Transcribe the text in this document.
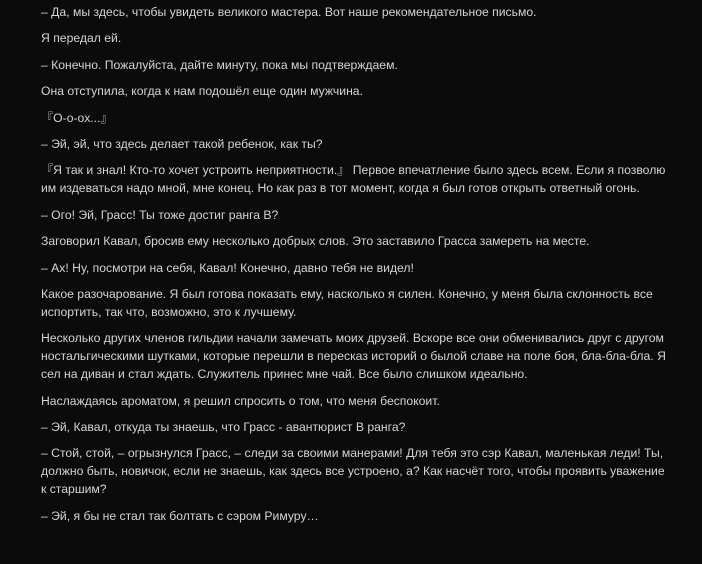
– Да, мы здесь, чтобы увидеть великого мастера. Вот наше рекомендательное письмо.

Я передал ей.

– Конечно. Пожалуйста, дайте минуту, пока мы подтверждаем.

Она отступила, когда к нам подошёл еще один мужчина.

『О-о-ох...』

– Эй, эй, что здесь делает такой ребенок, как ты?

『Я так и знал! Кто-то хочет устроить неприятности.』 Первое впечатление было здесь всем. Если я позволю им издеваться надо мной, мне конец. Но как раз в тот момент, когда я был готов открыть ответный огонь.

– Ого! Эй, Грасс! Ты тоже достиг ранга B?

Заговорил Кавал, бросив ему несколько добрых слов. Это заставило Грасса замереть на месте.

– Ах! Ну, посмотри на себя, Кавал! Конечно, давно тебя не видел!

Какое разочарование. Я был готова показать ему, насколько я силен. Конечно, у меня была склонность все испортить, так что, возможно, это к лучшему.

Несколько других членов гильдии начали замечать моих друзей. Вскоре все они обменивались друг с другом ностальгическими шутками, которые перешли в пересказ историй о былой славе на поле боя, бла-бла-бла. Я сел на диван и стал ждать. Служитель принес мне чай. Все было слишком идеально.

Наслаждаясь ароматом, я решил спросить о том, что меня беспокоит.

– Эй, Кавал, откуда ты знаешь, что Грасс - авантюрист B ранга?

– Стой, стой, – огрызнулся Грасс, – следи за своими манерами! Для тебя это сэр Кавал, маленькая леди! Ты, должно быть, новичок, если не знаешь, как здесь все устроено, а? Как насчёт того, чтобы проявить уважение к старшим?

– Эй, я бы не стал так болтать с сэром Римуру…
